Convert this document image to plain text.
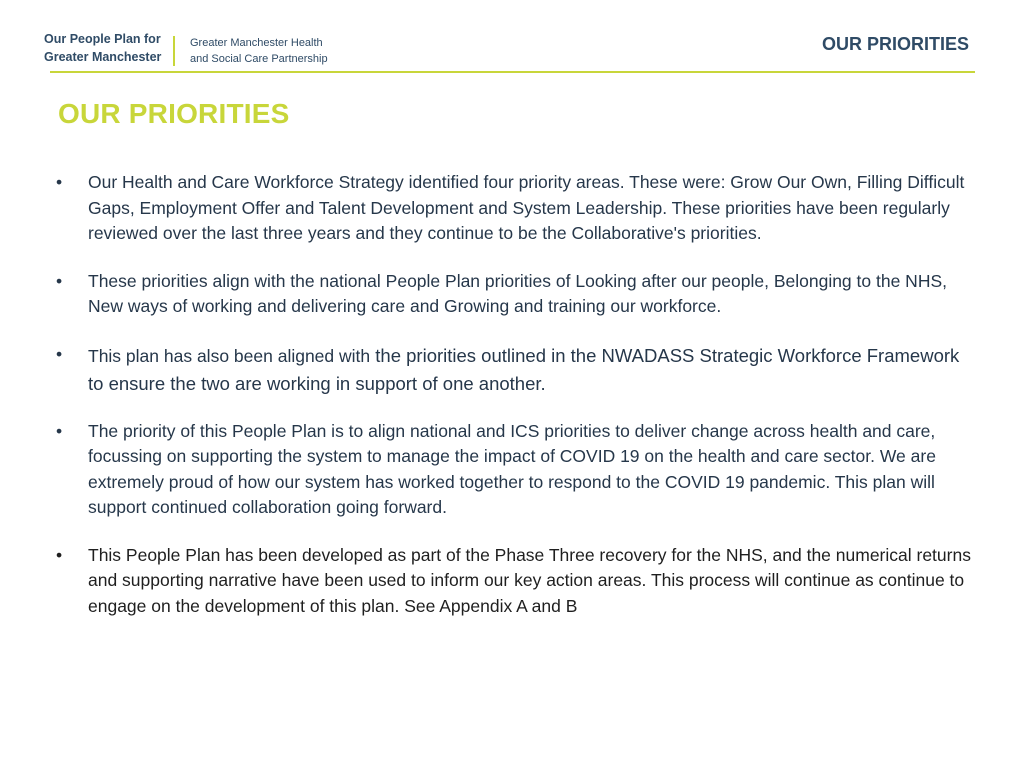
Our People Plan for
Greater Manchester
Greater Manchester Health
and Social Care Partnership
OUR PRIORITIES
OUR PRIORITIES
• Our Health and Care Workforce Strategy identified four priority areas. These were: Grow Our Own, Filling Difficult Gaps, Employment Offer and Talent Development and System Leadership. These priorities have been regularly reviewed over the last three years and they continue to be the Collaborative's priorities.
• These priorities align with the national People Plan priorities of Looking after our people, Belonging to the NHS, New ways of working and delivering care and Growing and training our workforce.
• This plan has also been aligned with the priorities outlined in the NWADASS Strategic Workforce Framework to ensure the two are working in support of one another.
• The priority of this People Plan is to align national and ICS priorities to deliver change across health and care, focussing on supporting the system to manage the impact of COVID 19 on the health and care sector. We are extremely proud of how our system has worked together to respond to the COVID 19 pandemic. This plan will support continued collaboration going forward.
• This People Plan has been developed as part of the Phase Three recovery for the NHS, and the numerical returns and supporting narrative have been used to inform our key action areas. This process will continue as continue to engage on the development of this plan. See Appendix A and B
